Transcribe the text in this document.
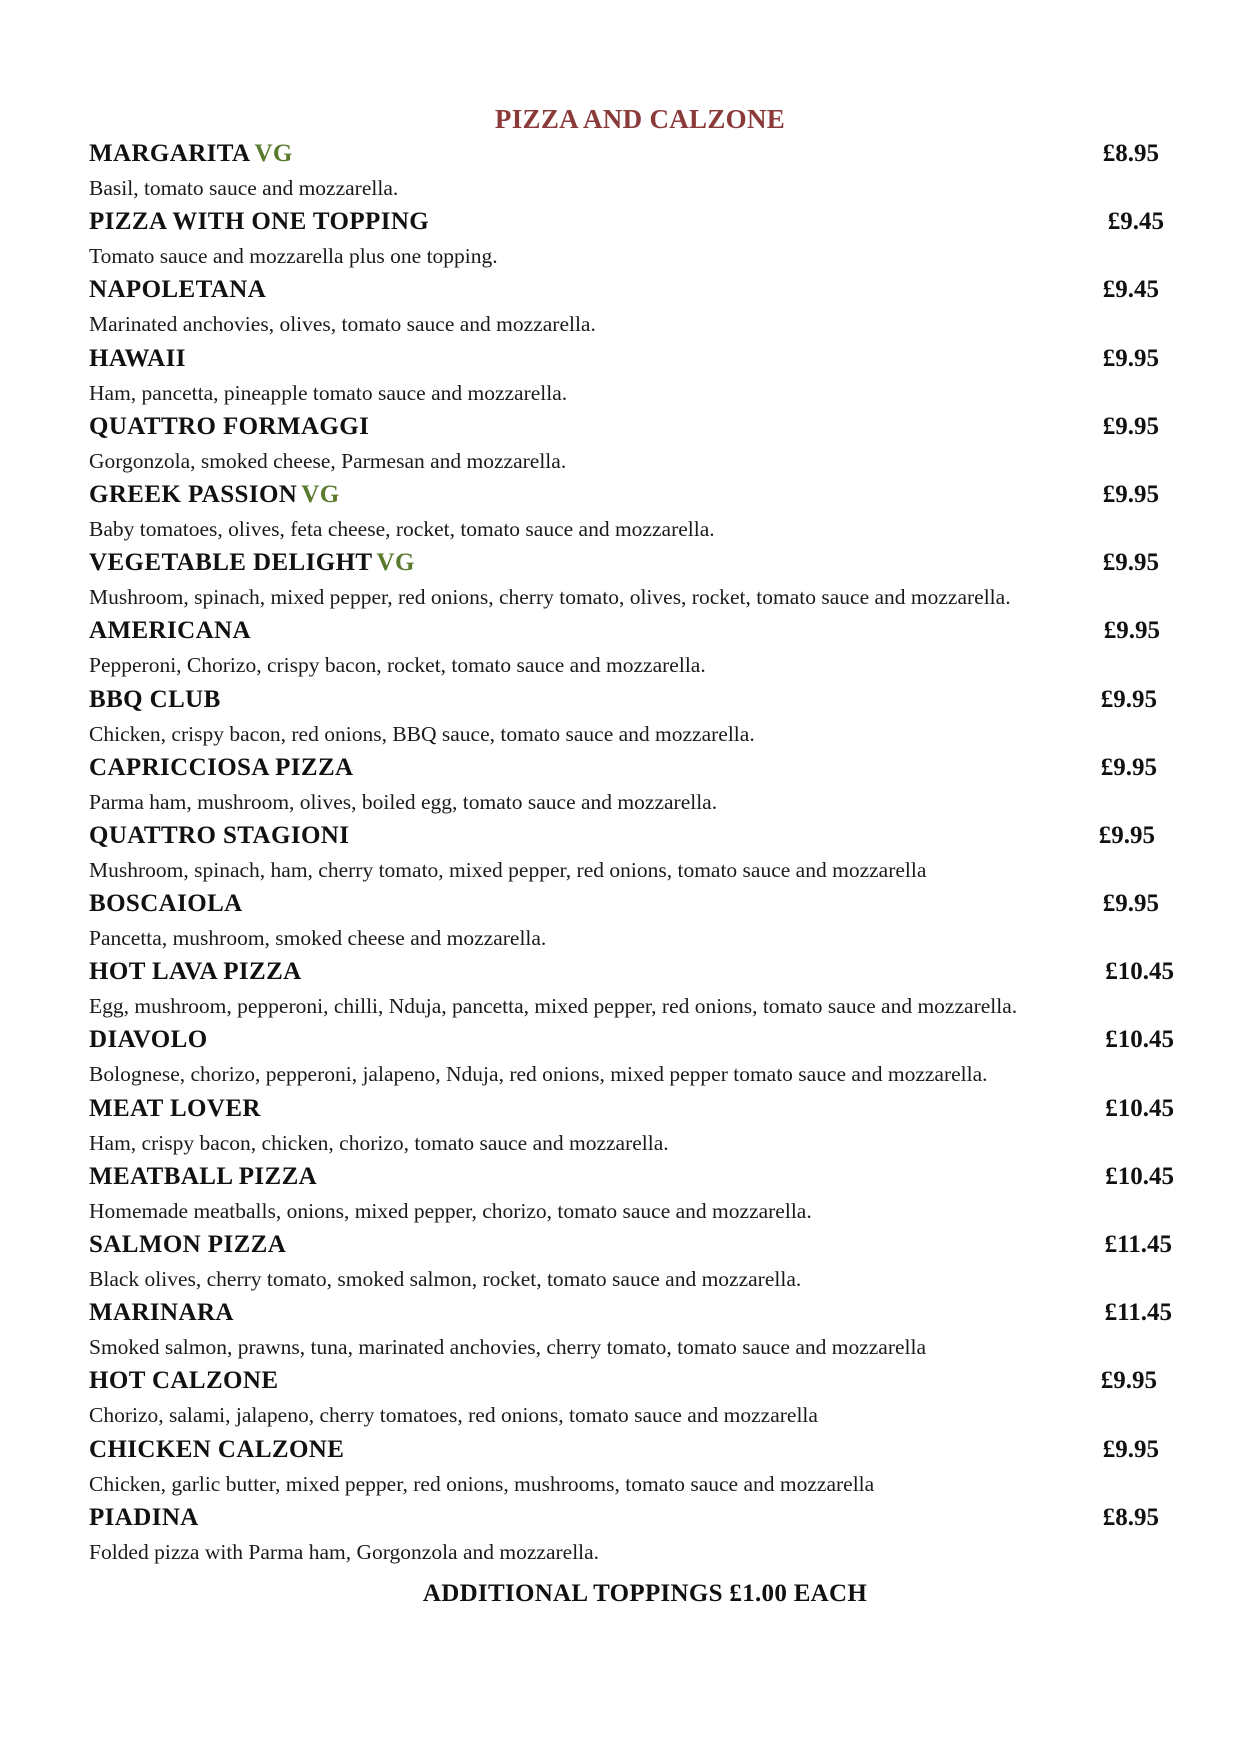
PIZZA AND CALZONE
MARGARITA VG	£8.95
Basil, tomato sauce and mozzarella.
PIZZA WITH ONE TOPPING	£9.45
Tomato sauce and mozzarella plus one topping.
NAPOLETANA	£9.45
Marinated anchovies, olives, tomato sauce and mozzarella.
HAWAII	£9.95
Ham, pancetta, pineapple tomato sauce and mozzarella.
QUATTRO FORMAGGI	£9.95
Gorgonzola, smoked cheese, Parmesan and mozzarella.
GREEK PASSION VG	£9.95
Baby tomatoes, olives, feta cheese, rocket, tomato sauce and mozzarella.
VEGETABLE DELIGHT VG	£9.95
Mushroom, spinach, mixed pepper, red onions, cherry tomato, olives, rocket, tomato sauce and mozzarella.
AMERICANA	£9.95
Pepperoni, Chorizo, crispy bacon, rocket, tomato sauce and mozzarella.
BBQ CLUB	£9.95
Chicken, crispy bacon, red onions, BBQ sauce, tomato sauce and mozzarella.
CAPRICCIOSA PIZZA	£9.95
Parma ham, mushroom, olives, boiled egg, tomato sauce and mozzarella.
QUATTRO STAGIONI	£9.95
Mushroom, spinach, ham, cherry tomato, mixed pepper, red onions, tomato sauce and mozzarella
BOSCAIOLA	£9.95
Pancetta, mushroom, smoked cheese and mozzarella.
HOT LAVA PIZZA	£10.45
Egg, mushroom, pepperoni, chilli, Nduja, pancetta, mixed pepper, red onions, tomato sauce and mozzarella.
DIAVOLO	£10.45
Bolognese, chorizo, pepperoni, jalapeno, Nduja, red onions, mixed pepper tomato sauce and mozzarella.
MEAT LOVER	£10.45
Ham, crispy bacon, chicken, chorizo, tomato sauce and mozzarella.
MEATBALL PIZZA	£10.45
Homemade meatballs, onions, mixed pepper, chorizo, tomato sauce and mozzarella.
SALMON PIZZA	£11.45
Black olives, cherry tomato, smoked salmon, rocket, tomato sauce and mozzarella.
MARINARA	£11.45
Smoked salmon, prawns, tuna, marinated anchovies, cherry tomato, tomato sauce and mozzarella
HOT CALZONE	£9.95
Chorizo, salami, jalapeno, cherry tomatoes, red onions, tomato sauce and mozzarella
CHICKEN CALZONE	£9.95
Chicken, garlic butter, mixed pepper, red onions, mushrooms, tomato sauce and mozzarella
PIADINA	£8.95
Folded pizza with Parma ham, Gorgonzola and mozzarella.
ADDITIONAL TOPPINGS £1.00 EACH
